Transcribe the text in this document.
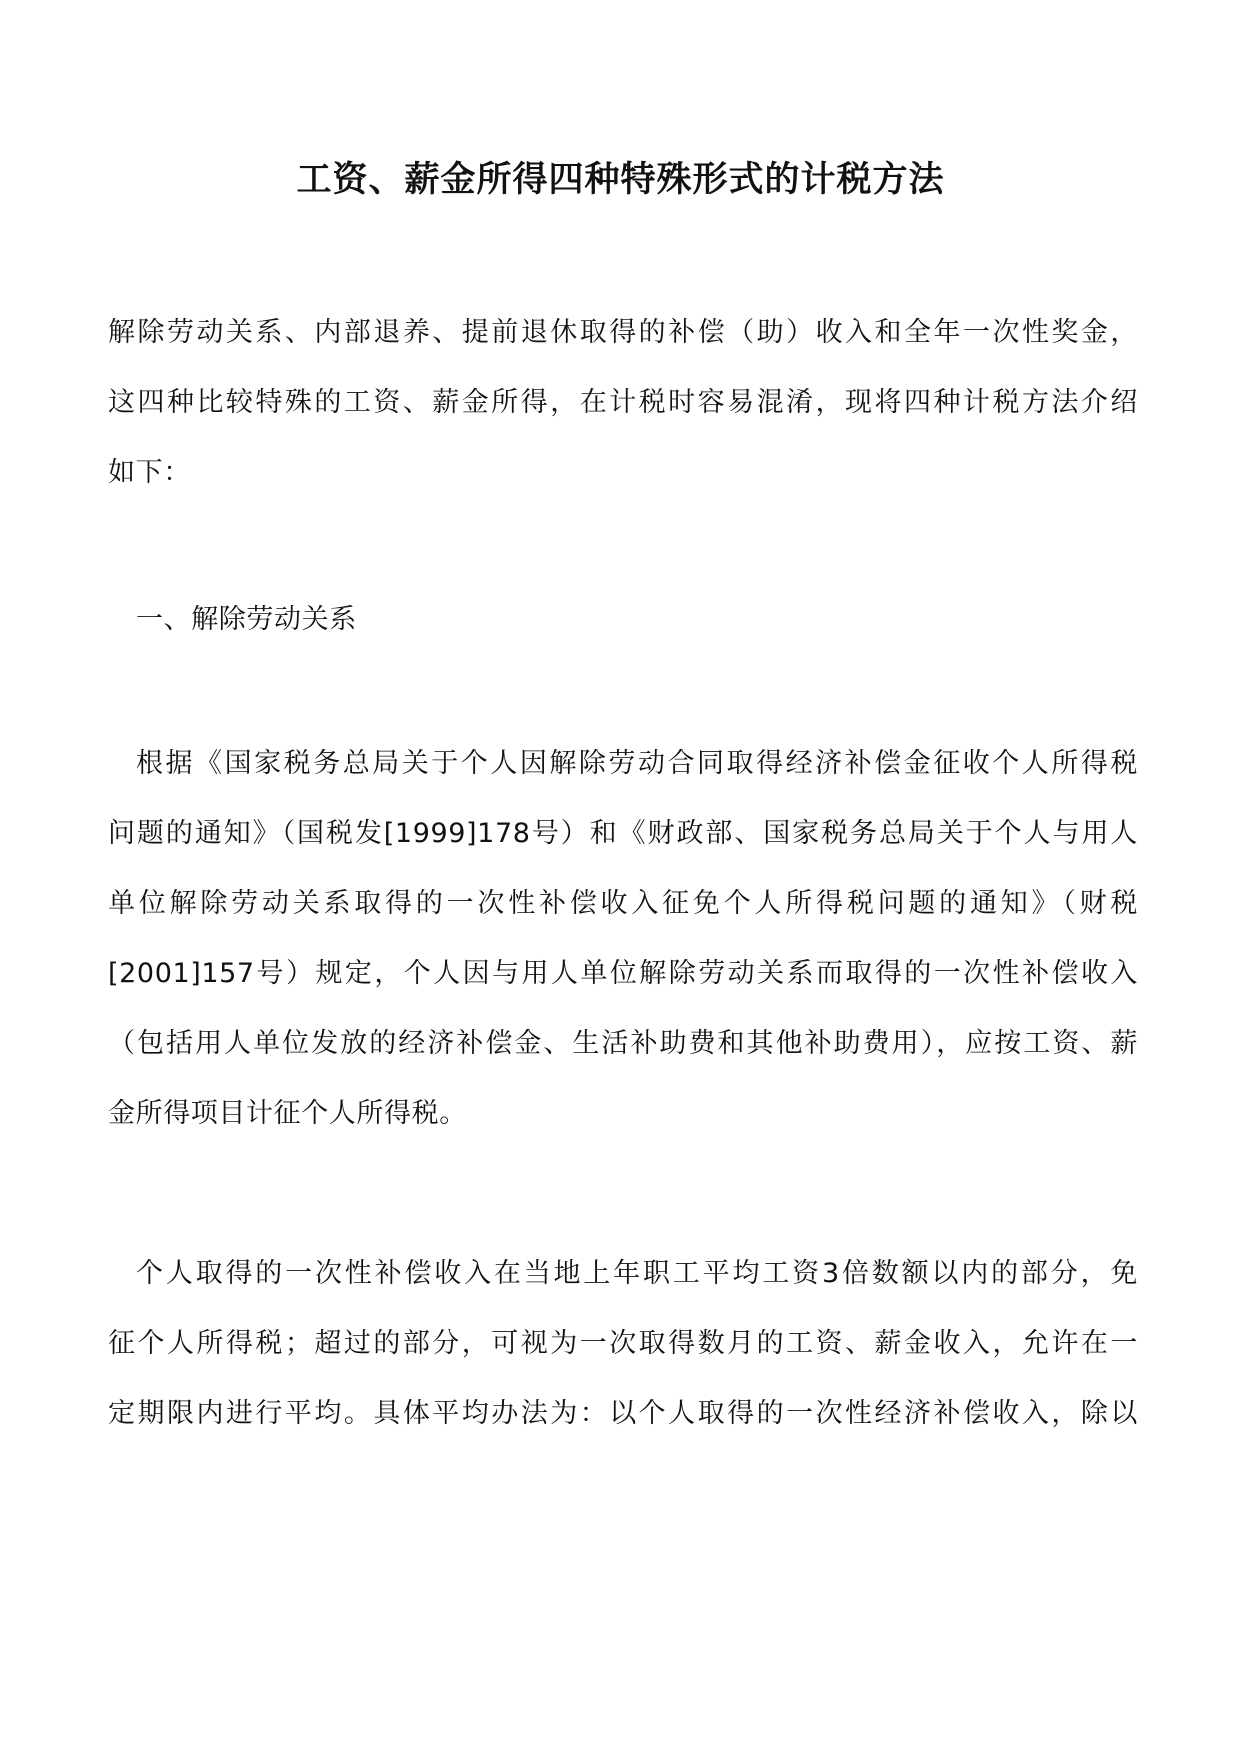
工资、薪金所得四种特殊形式的计税方法
解除劳动关系、内部退养、提前退休取得的补偿（助）收入和全年一次性奖金，
这四种比较特殊的工资、薪金所得，在计税时容易混淆，现将四种计税方法介绍
如下：
一、解除劳动关系
根据《国家税务总局关于个人因解除劳动合同取得经济补偿金征收个人所得税
问题的通知》（国税发[1999]178号）和《财政部、国家税务总局关于个人与用人
单位解除劳动关系取得的一次性补偿收入征免个人所得税问题的通知》（财税
[2001]157号）规定，个人因与用人单位解除劳动关系而取得的一次性补偿收入
（包括用人单位发放的经济补偿金、生活补助费和其他补助费用），应按工资、薪
金所得项目计征个人所得税。
个人取得的一次性补偿收入在当地上年职工平均工资3倍数额以内的部分，免
征个人所得税；超过的部分，可视为一次取得数月的工资、薪金收入，允许在一
定期限内进行平均。具体平均办法为：以个人取得的一次性经济补偿收入，除以
